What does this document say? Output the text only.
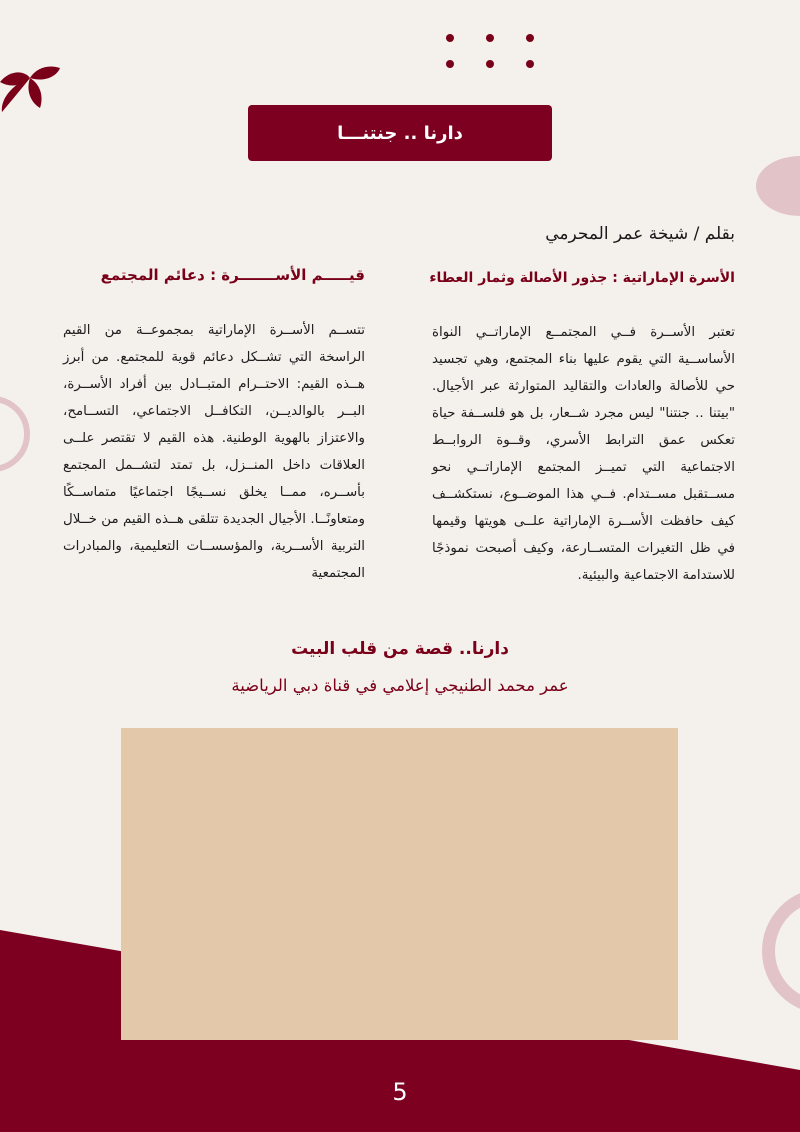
دارنا .. جنتنـــا
بقلم / شيخة عمر المحرمي
الأسرة الإماراتية : جذور الأصالة وثمار العطاء
قيـــــم الأســـــــرة : دعائم المجتمع
تعتبر الأســرة فــي المجتمــع الإماراتــي النواة الأساســية التي يقوم عليها بناء المجتمع، وهي تجسيد حي للأصالة والعادات والتقاليد المتوارثة عبر الأجيال. "بيتنا .. جنتنا" ليس مجرد شــعار، بل هو فلســفة حياة تعكس عمق الترابط الأسري، وقــوة الروابــط الاجتماعية التي تميــز المجتمع الإماراتــي نحو مســتقبل مســتدام. فــي هذا الموضــوع، نستكشــف كيف حافظت الأســرة الإماراتية علــى هويتها وقيمها في ظل التغيرات المتســارعة، وكيف أصبحت نموذجًا للاستدامة الاجتماعية والبيئية.
تتســم الأســرة الإماراتية بمجموعــة من القيم الراسخة التي تشــكل دعائم قوية للمجتمع. من أبرز هــذه القيم: الاحتــرام المتبــادل بين أفراد الأســرة، البــر بالوالديــن، التكافــل الاجتماعي، التســامح، والاعتزاز بالهوية الوطنية. هذه القيم لا تقتصر علــى العلاقات داخل المنــزل، بل تمتد لتشــمل المجتمع بأســره، ممــا يخلق نســيجًا اجتماعيًا متماســكًا ومتعاونًــا. الأجيال الجديدة تتلقى هــذه القيم من خــلال التربية الأســرية، والمؤسســات التعليمية، والمبادرات المجتمعية
دارنا.. قصة من قلب البيت
عمر محمد الطنيجي إعلامي في قناة دبي الرياضية
5
